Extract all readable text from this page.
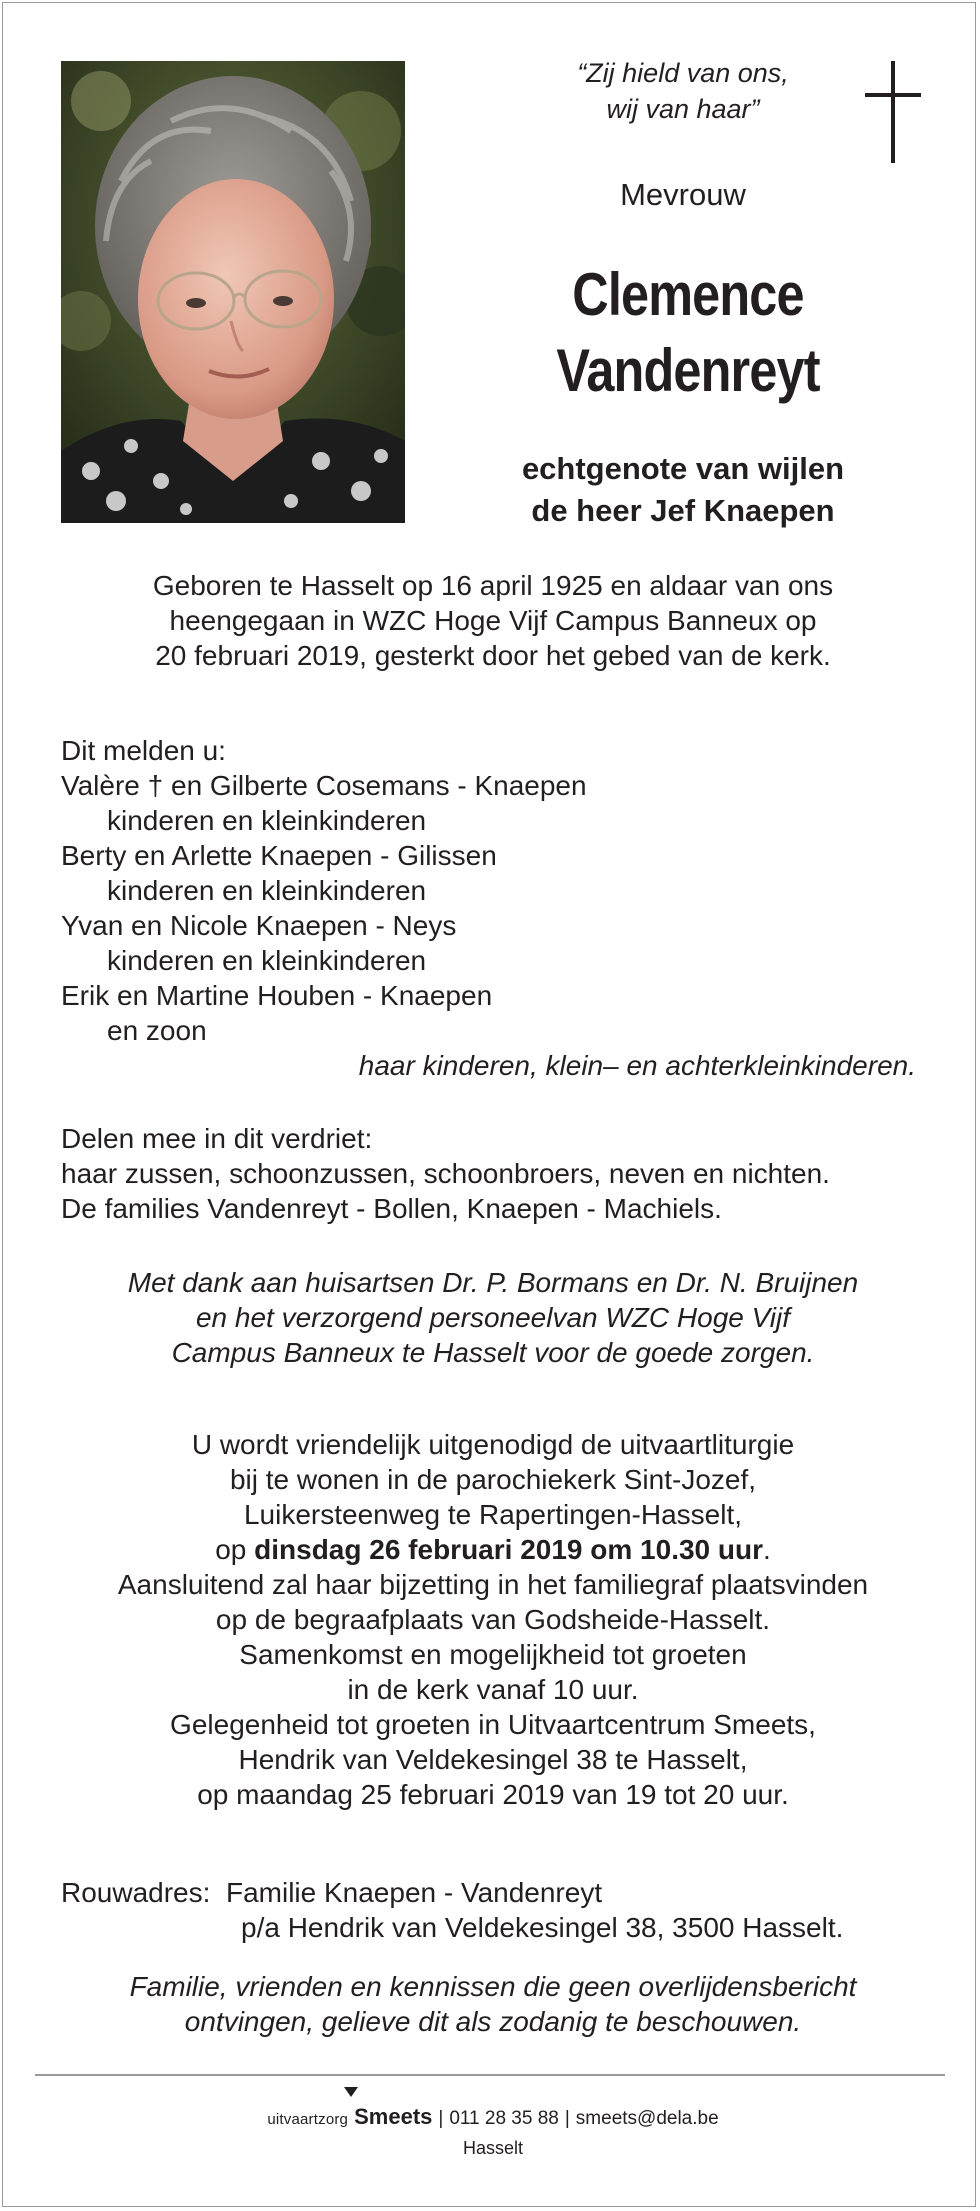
“Zij hield van ons,
wij van haar”
Mevrouw
Clemence
Vandenreyt
echtgenote van wijlen
de heer Jef Knaepen
Geboren te Hasselt op 16 april 1925 en aldaar van ons
heengegaan in WZC Hoge Vijf Campus Banneux op
20 februari 2019, gesterkt door het gebed van de kerk.
Dit melden u:
Valère † en Gilberte Cosemans - Knaepen
kinderen en kleinkinderen
Berty en Arlette Knaepen - Gilissen
kinderen en kleinkinderen
Yvan en Nicole Knaepen - Neys
kinderen en kleinkinderen
Erik en Martine Houben - Knaepen
en zoon
haar kinderen, klein– en achterkleinkinderen.
Delen mee in dit verdriet:
haar zussen, schoonzussen, schoonbroers, neven en nichten.
De families Vandenreyt - Bollen, Knaepen - Machiels.
Met dank aan huisartsen Dr. P. Bormans en Dr. N. Bruijnen
en het verzorgend personeelvan WZC Hoge Vijf
Campus Banneux te Hasselt voor de goede zorgen.
U wordt vriendelijk uitgenodigd de uitvaartliturgie
bij te wonen in de parochiekerk Sint-Jozef,
Luikersteenweg te Rapertingen-Hasselt,
op dinsdag 26 februari 2019 om 10.30 uur.
Aansluitend zal haar bijzetting in het familiegraf plaatsvinden
op de begraafplaats van Godsheide-Hasselt.
Samenkomst en mogelijkheid tot groeten
in de kerk vanaf 10 uur.
Gelegenheid tot groeten in Uitvaartcentrum Smeets,
Hendrik van Veldekesingel 38 te Hasselt,
op maandag 25 februari 2019 van 19 tot 20 uur.
Rouwadres: Familie Knaepen - Vandenreyt
p/a Hendrik van Veldekesingel 38, 3500 Hasselt.
Familie, vrienden en kennissen die geen overlijdensbericht
ontvingen, gelieve dit als zodanig te beschouwen.
uitvaartzorg Smeets | 011 28 35 88 | smeets@dela.be
Hasselt
